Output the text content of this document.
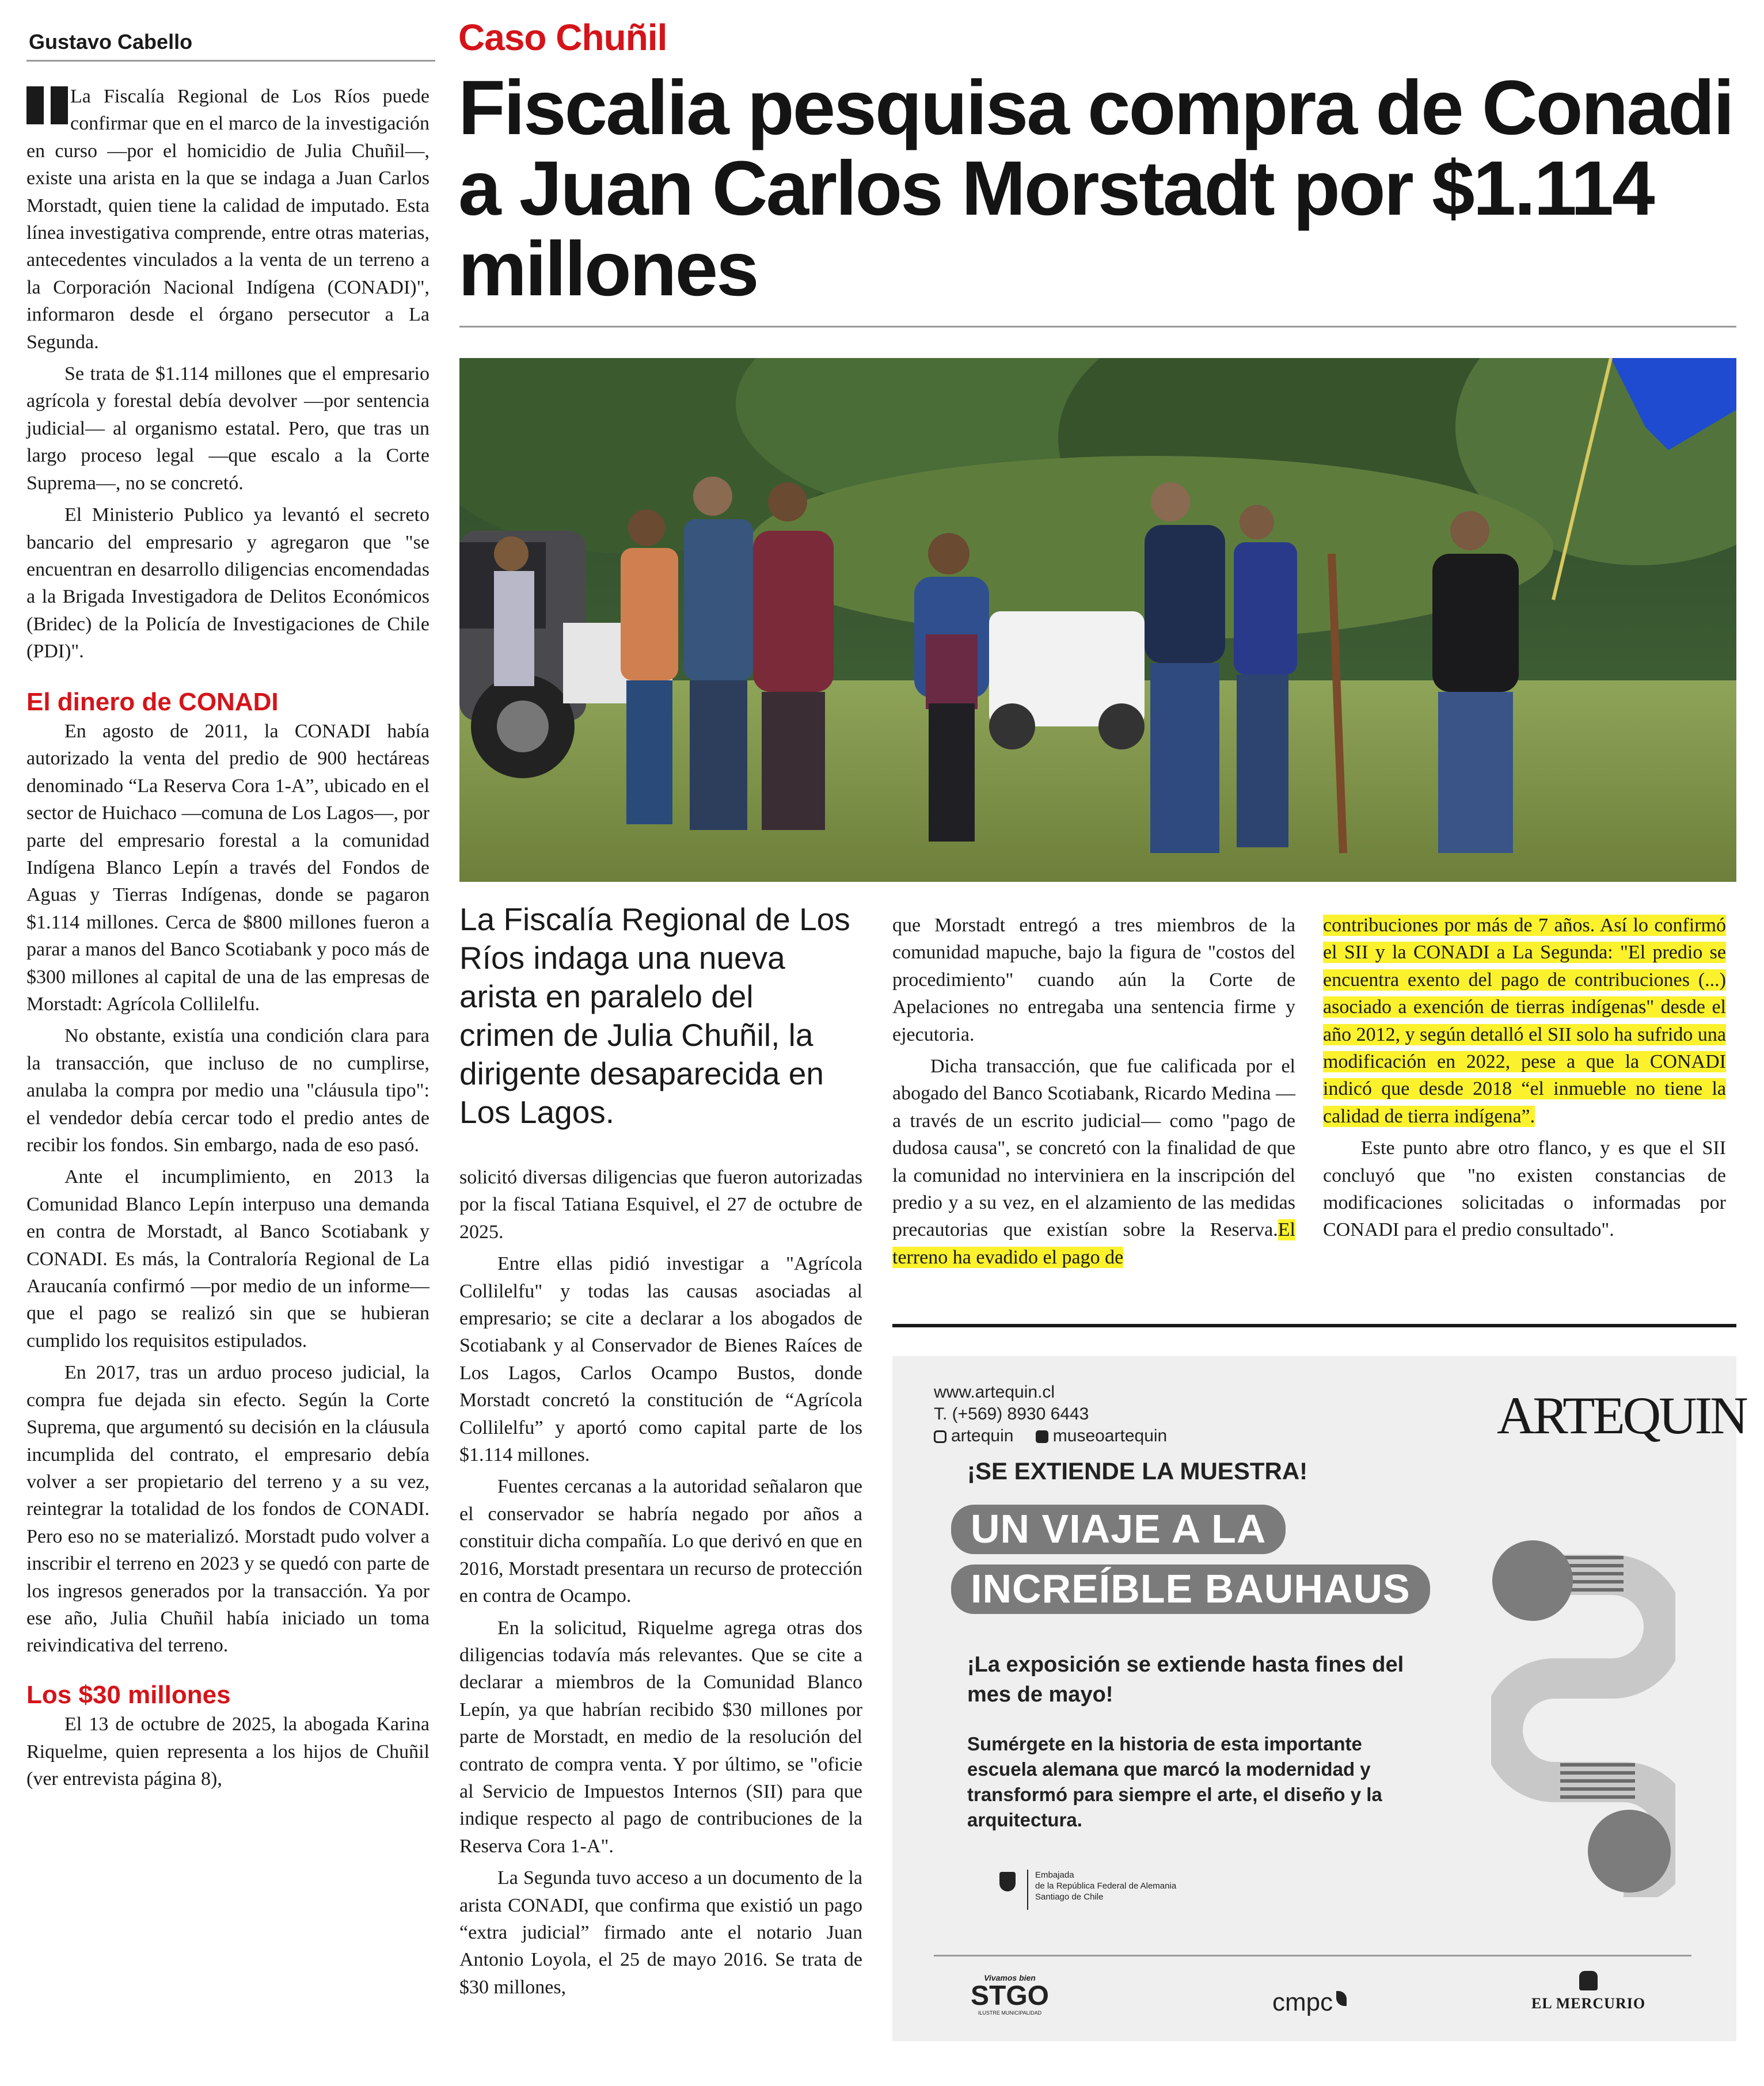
Gustavo Cabello	Caso Chuñil
Fiscalia pesquisa compra de Conadi a Juan Carlos Morstadt por $1.114 millones

La Fiscalía Regional de Los Ríos puede confirmar que en el marco de la investigación en curso —por el homicidio de Julia Chuñil—, existe una arista en la que se indaga a Juan Carlos Morstadt, quien tiene la calidad de imputado. Esta línea investigativa comprende, entre otras materias, antecedentes vinculados a la venta de un terreno a la Corporación Nacional Indígena (CONADI)", informaron desde el órgano persecutor a La Segunda.

Se trata de $1.114 millones que el empresario agrícola y forestal debía devolver —por sentencia judicial— al organismo estatal. Pero, que tras un largo proceso legal —que escalo a la Corte Suprema—, no se concretó.

El Ministerio Publico ya levantó el secreto bancario del empresario y agregaron que "se encuentran en desarrollo diligencias encomendadas a la Brigada Investigadora de Delitos Económicos (Bridec) de la Policía de Investigaciones de Chile (PDI)".

El dinero de CONADI

En agosto de 2011, la CONADI había autorizado la venta del predio de 900 hectáreas denominado “La Reserva Cora 1-A”, ubicado en el sector de Huichaco —comuna de Los Lagos—, por parte del empresario forestal a la comunidad Indígena Blanco Lepín a través del Fondos de Aguas y Tierras Indígenas, donde se pagaron $1.114 millones. Cerca de $800 millones fueron a parar a manos del Banco Scotiabank y poco más de $300 millones al capital de una de las empresas de Morstadt: Agrícola Collilelfu.

No obstante, existía una condición clara para la transacción, que incluso de no cumplirse, anulaba la compra por medio una "cláusula tipo": el vendedor debía cercar todo el predio antes de recibir los fondos. Sin embargo, nada de eso pasó.

Ante el incumplimiento, en 2013 la Comunidad Blanco Lepín interpuso una demanda en contra de Morstadt, al Banco Scotiabank y CONADI. Es más, la Contraloría Regional de La Araucanía confirmó —por medio de un informe— que el pago se realizó sin que se hubieran cumplido los requisitos estipulados.

En 2017, tras un arduo proceso judicial, la compra fue dejada sin efecto. Según la Corte Suprema, que argumentó su decisión en la cláusula incumplida del contrato, el empresario debía volver a ser propietario del terreno y a su vez, reintegrar la totalidad de los fondos de CONADI. Pero eso no se materializó. Morstadt pudo volver a inscribir el terreno en 2023 y se quedó con parte de los ingresos generados por la transacción. Ya por ese año, Julia Chuñil había iniciado un toma reivindicativa del terreno.

Los $30 millones

El 13 de octubre de 2025, la abogada Karina Riquelme, quien representa a los hijos de Chuñil (ver entrevista página 8),

La Fiscalía Regional de Los Ríos indaga una nueva arista en paralelo del crimen de Julia Chuñil, la dirigente desaparecida en Los Lagos.

solicitó diversas diligencias que fueron autorizadas por la fiscal Tatiana Esquivel, el 27 de octubre de 2025.

Entre ellas pidió investigar a "Agrícola Collilelfu" y todas las causas asociadas al empresario; se cite a declarar a los abogados de Scotiabank y al Conservador de Bienes Raíces de Los Lagos, Carlos Ocampo Bustos, donde Morstadt concretó la constitución de “Agrícola Collilelfu” y aportó como capital parte de los $1.114 millones.

Fuentes cercanas a la autoridad señalaron que el conservador se habría negado por años a constituir dicha compañía. Lo que derivó en que en 2016, Morstadt presentara un recurso de protección en contra de Ocampo.

En la solicitud, Riquelme agrega otras dos diligencias todavía más relevantes. Que se cite a declarar a miembros de la Comunidad Blanco Lepín, ya que habrían recibido $30 millones por parte de Morstadt, en medio de la resolución del contrato de compra venta. Y por último, se "oficie al Servicio de Impuestos Internos (SII) para que indique respecto al pago de contribuciones de la Reserva Cora 1-A".

La Segunda tuvo acceso a un documento de la arista CONADI, que confirma que existió un pago “extra judicial” firmado ante el notario Juan Antonio Loyola, el 25 de mayo 2016. Se trata de $30 millones,

que Morstadt entregó a tres miembros de la comunidad mapuche, bajo la figura de "costos del procedimiento" cuando aún la Corte de Apelaciones no entregaba una sentencia firme y ejecutoria.

Dicha transacción, que fue calificada por el abogado del Banco Scotiabank, Ricardo Medina —a través de un escrito judicial— como "pago de dudosa causa", se concretó con la finalidad de que la comunidad no interviniera en la inscripción del predio y a su vez, en el alzamiento de las medidas precautorias que existían sobre la Reserva.El terreno ha evadido el pago de

contribuciones por más de 7 años. Así lo confirmó el SII y la CONADI a La Segunda: "El predio se encuentra exento del pago de contribuciones (...) asociado a exención de tierras indígenas" desde el año 2012, y según detalló el SII solo ha sufrido una modificación en 2022, pese a que la CONADI indicó que desde 2018 “el inmueble no tiene la calidad de tierra indígena”.

Este punto abre otro flanco, y es que el SII concluyó que "no existen constancias de modificaciones solicitadas o informadas por CONADI para el predio consultado".

www.artequin.cl
T. (+569) 8930 6443
artequin museoartequin	ARTEQUIN
¡SE EXTIENDE LA MUESTRA!
UN VIAJE A LA
INCREÍBLE BAUHAUS
¡La exposición se extiende hasta fines del mes de mayo!
Sumérgete en la historia de esta importante escuela alemana que marcó la modernidad y transformó para siempre el arte, el diseño y la arquitectura.
Embajada
de la República Federal de Alemania
Santiago de Chile
Vivamos bien
STGO
ILUSTRE MUNICIPALIDAD	cmpc	EL MERCURIO
